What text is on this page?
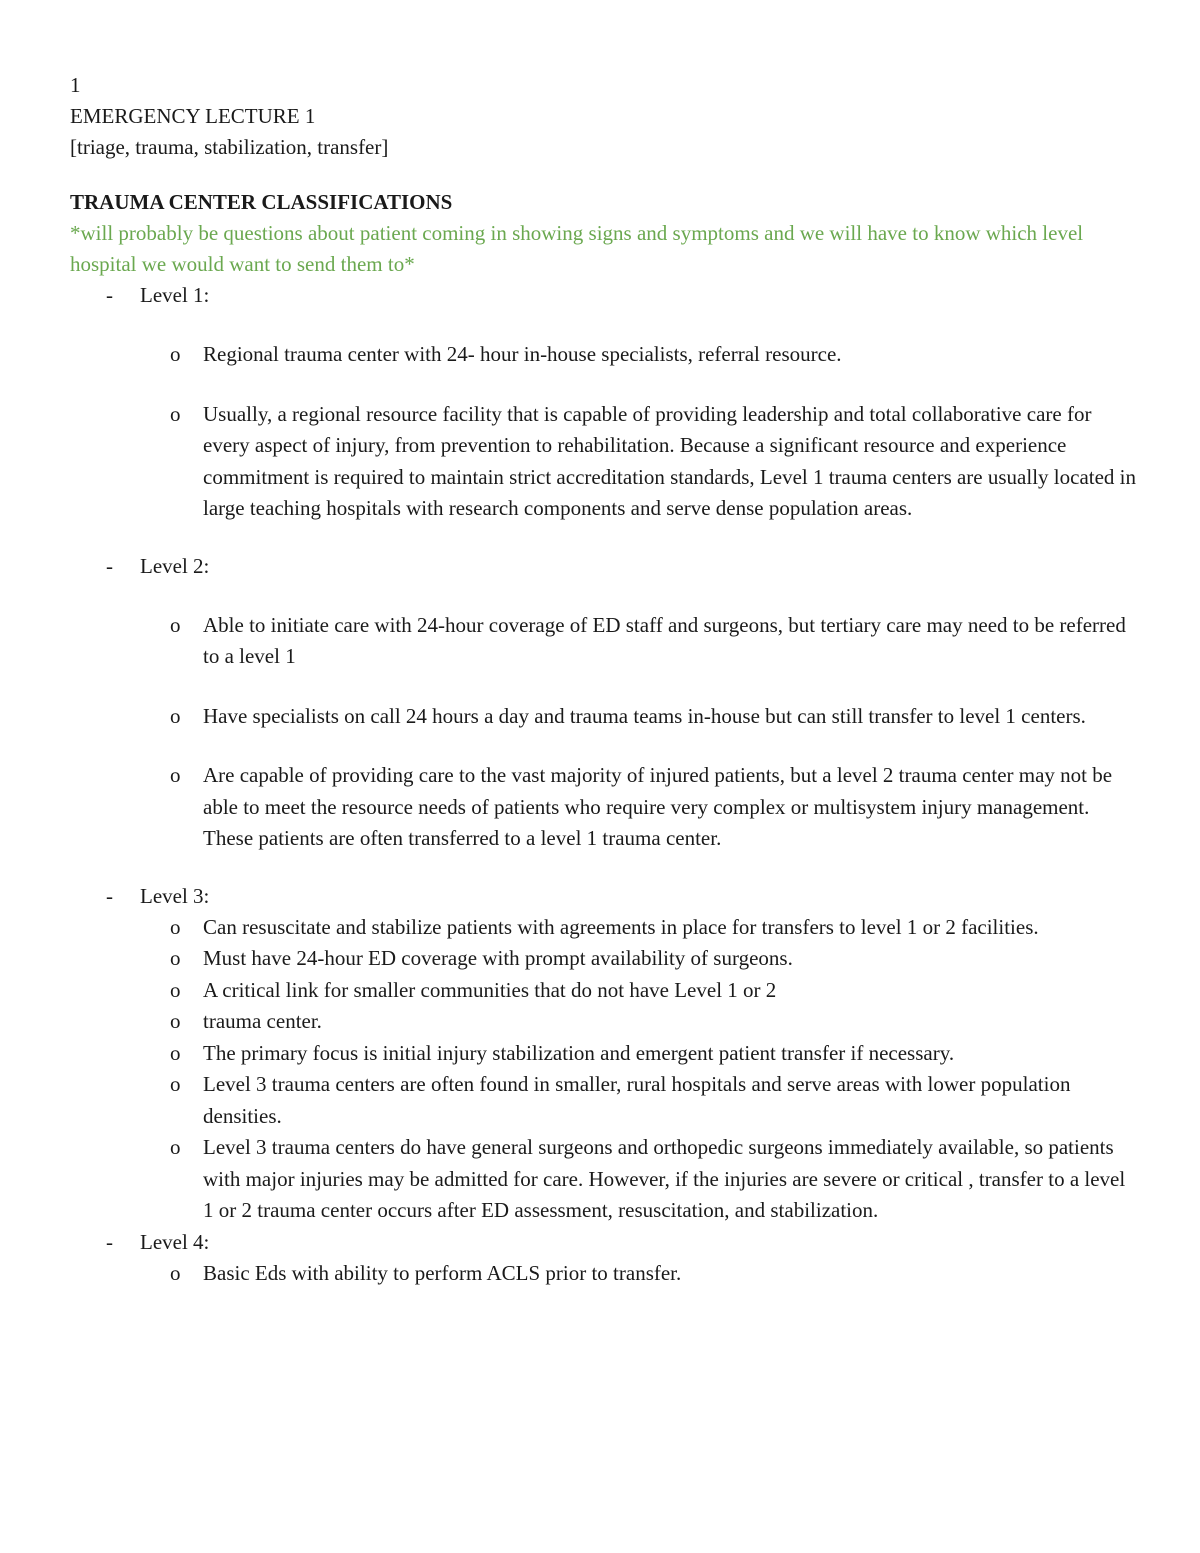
1
EMERGENCY LECTURE 1
[triage, trauma, stabilization, transfer]
TRAUMA CENTER CLASSIFICATIONS
*will probably be questions about patient coming in showing signs and symptoms and we will have to know which level hospital we would want to send them to*
- Level 1:
o Regional trauma center with 24- hour in-house specialists, referral resource.
o Usually, a regional resource facility that is capable of providing leadership and total collaborative care for every aspect of injury, from prevention to rehabilitation. Because a significant resource and experience commitment is required to maintain strict accreditation standards, Level 1 trauma centers are usually located in large teaching hospitals with research components and serve dense population areas.
- Level 2:
o Able to initiate care with 24-hour coverage of ED staff and surgeons, but tertiary care may need to be referred to a level 1
o Have specialists on call 24 hours a day and trauma teams in-house but can still transfer to level 1 centers.
o Are capable of providing care to the vast majority of injured patients, but a level 2 trauma center may not be able to meet the resource needs of patients who require very complex or multisystem injury management. These patients are often transferred to a level 1 trauma center.
- Level 3:
o Can resuscitate and stabilize patients with agreements in place for transfers to level 1 or 2 facilities.
o Must have 24-hour ED coverage with prompt availability of surgeons.
o A critical link for smaller communities that do not have Level 1 or 2
o trauma center.
o The primary focus is initial injury stabilization and emergent patient transfer if necessary.
o Level 3 trauma centers are often found in smaller, rural hospitals and serve areas with lower population densities.
o Level 3 trauma centers do have general surgeons and orthopedic surgeons immediately available, so patients with major injuries may be admitted for care. However, if the injuries are severe or critical , transfer to a level 1 or 2 trauma center occurs after ED assessment, resuscitation, and stabilization.
- Level 4:
o Basic Eds with ability to perform ACLS prior to transfer.
